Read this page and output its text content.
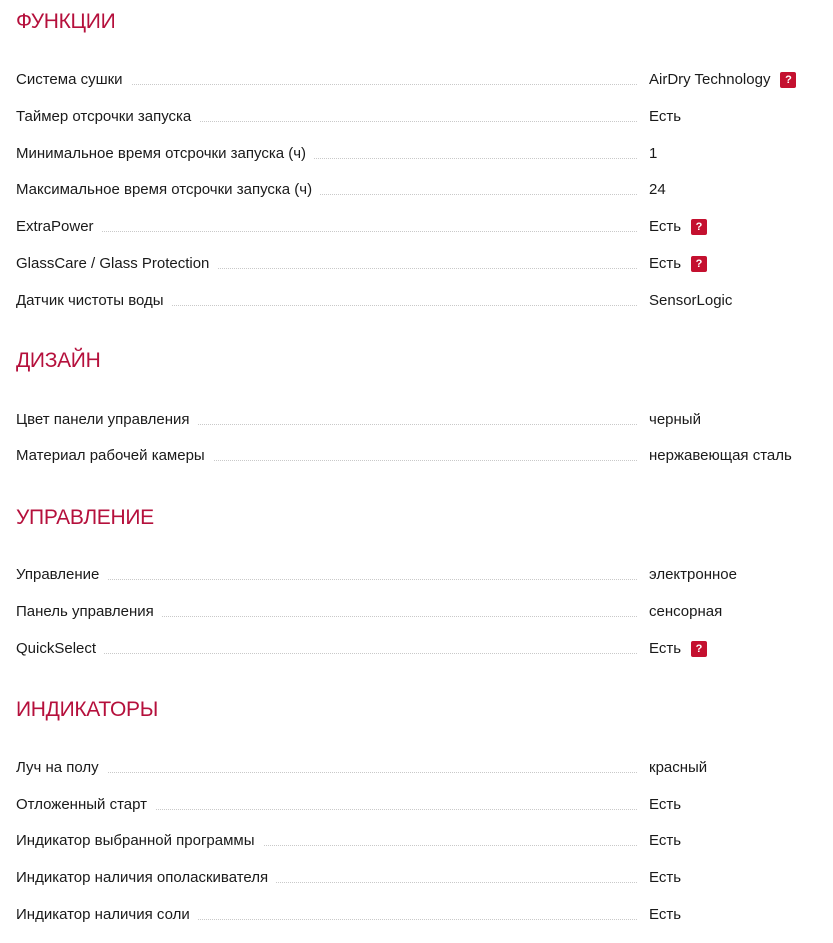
ФУНКЦИИ
Система сушки	AirDry Technology	?
Таймер отсрочки запуска	Есть
Минимальное время отсрочки запуска (ч)	1
Максимальное время отсрочки запуска (ч)	24
ExtraPower	Есть	?
GlassCare / Glass Protection	Есть	?
Датчик чистоты воды	SensorLogic
ДИЗАЙН
Цвет панели управления	черный
Материал рабочей камеры	нержавеющая сталь
УПРАВЛЕНИЕ
Управление	электронное
Панель управления	сенсорная
QuickSelect	Есть	?
ИНДИКАТОРЫ
Луч на полу	красный
Отложенный старт	Есть
Индикатор выбранной программы	Есть
Индикатор наличия ополаскивателя	Есть
Индикатор наличия соли	Есть
